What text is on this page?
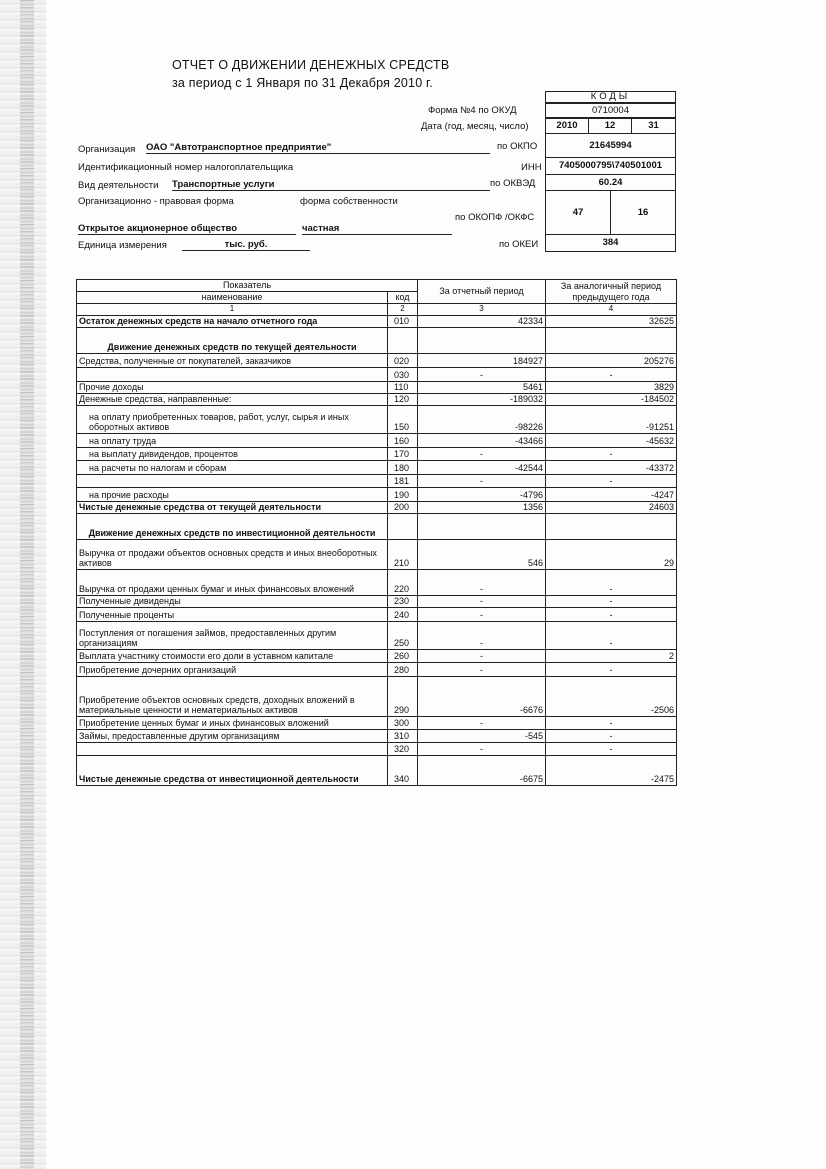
ОТЧЕТ О ДВИЖЕНИИ ДЕНЕЖНЫХ СРЕДСТВ
за период с 1 Января по 31 Декабря 2010 г.
КОДЫ
Форма №4 по ОКУД	0710004
Дата (год, месяц, число)	2010	12	31
Организация ОАО "Автотранспортное предприятие"	по ОКПО	21645994
Идентификационный номер налогоплательщика	ИНН	7405000795\740501001
Вид деятельности Транспортные услуги	по ОКВЭД	60.24
Организационно - правовая форма	форма собственности
по ОКОПФ /ОКФС	47	16
Открытое акционерное общество	частная
Единица измерения	тыс. руб.	по ОКЕИ	384
Показатель		За отчетный период	За аналогичный период предыдущего года
наименование	код		
1	2	3	4
Остаток денежных средств на начало отчетного года	010	42334	32625
Движение денежных средств по текущей деятельности			
Средства, полученные от покупателей, заказчиков	020	184927	205276
	030	-	-
Прочие доходы	110	5461	3829
Денежные средства, направленные:	120	-189032	-184502
на оплату приобретенных товаров, работ, услуг, сырья и иных оборотных активов	150	-98226	-91251
на оплату труда	160	-43466	-45632
на выплату дивидендов, процентов	170	-	-
на расчеты по налогам и сборам	180	-42544	-43372
	181	-	-
на прочие расходы	190	-4796	-4247
Чистые денежные средства от текущей деятельности	200	1356	24603
Движение денежных средств по инвестиционной деятельности			
Выручка от продажи объектов основных средств и иных внеоборотных активов	210	546	29
Выручка от продажи ценных бумаг и иных финансовых вложений	220	-	-
Полученные дивиденды	230	-	-
Полученные проценты	240	-	-
Поступления от погашения займов, предоставленных другим организациям	250	-	-
Выплата участнику стоимости его доли в уставном капитале	260	-	2
Приобретение дочерних организаций	280	-	-
Приобретение объектов основных средств, доходных вложений в материальные ценности и нематериальных активов	290	-6676	-2506
Приобретение ценных бумаг и иных финансовых вложений	300	-	-
Займы, предоставленные другим организациям	310	-545	-
	320	-	-
Чистые денежные средства от инвестиционной деятельности	340	-6675	-2475
